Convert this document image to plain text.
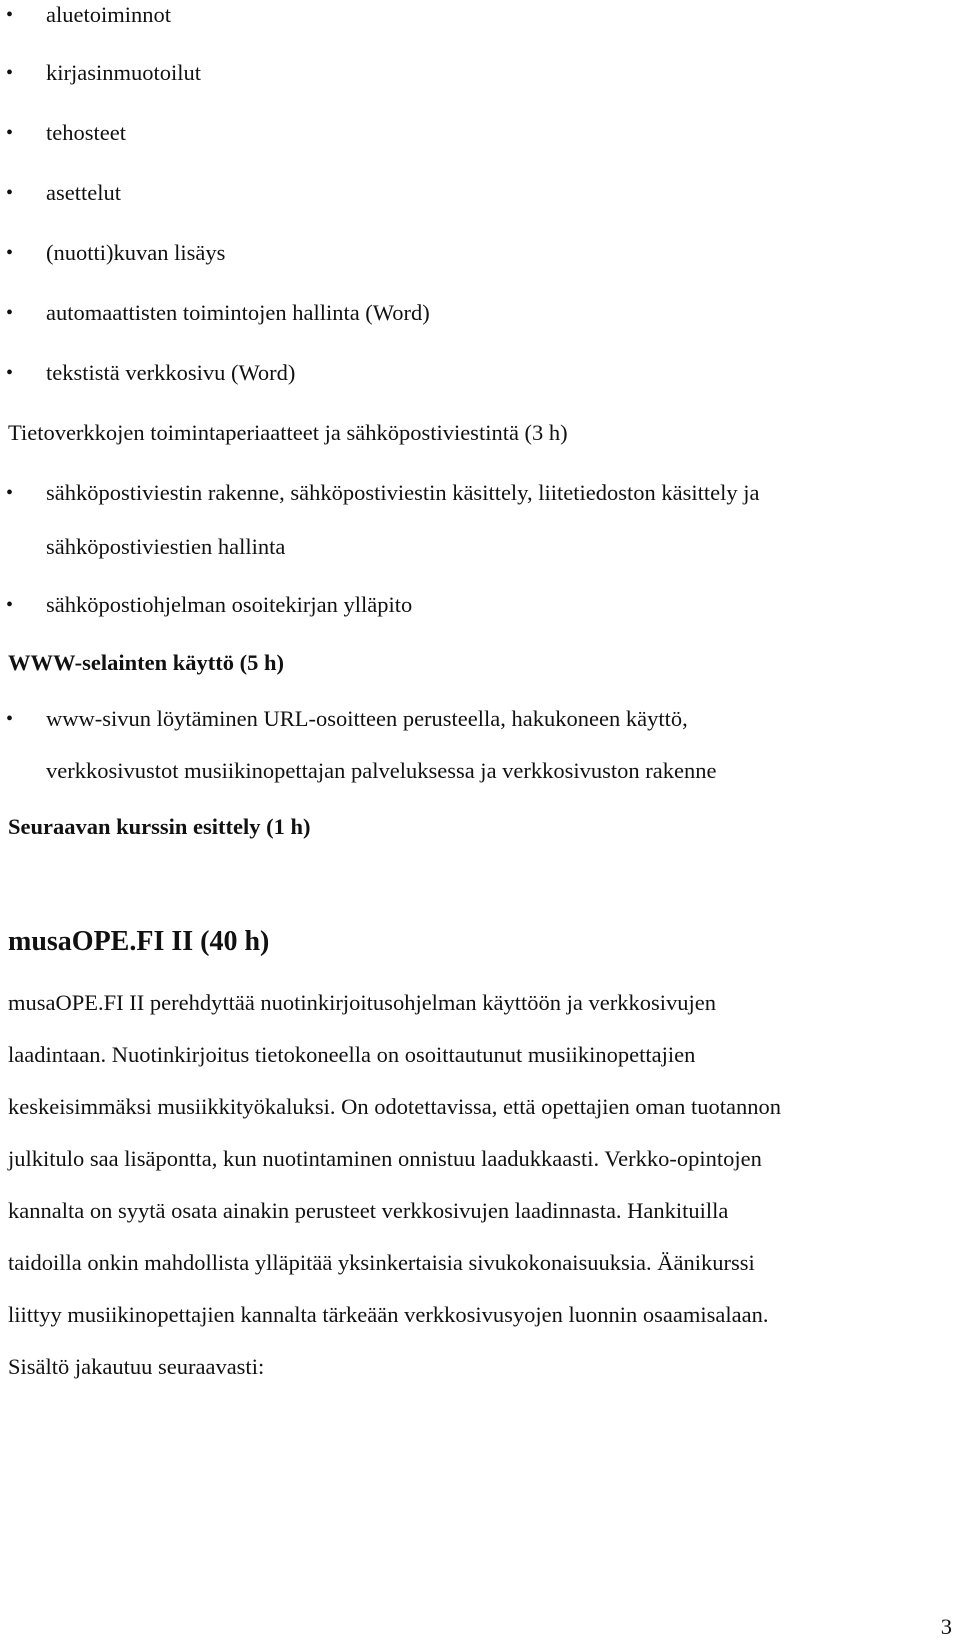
• aluetoiminnot
• kirjasinmuotoilut
• tehosteet
• asettelut
• (nuotti)kuvan lisäys
• automaattisten toimintojen hallinta (Word)
• tekstistä verkkosivu (Word)
Tietoverkkojen toimintaperiaatteet ja sähköpostiviestintä (3 h)
• sähköpostiviestin rakenne, sähköpostiviestin käsittely, liitetiedoston käsittely ja
sähköpostiviestien hallinta
• sähköpostiohjelman osoitekirjan ylläpito
WWW-selainten käyttö (5 h)
• www-sivun löytäminen URL-osoitteen perusteella, hakukoneen käyttö,
verkkosivustot musiikinopettajan palveluksessa ja verkkosivuston rakenne
Seuraavan kurssin esittely (1 h)
musaOPE.FI II (40 h)
musaOPE.FI II perehdyttää nuotinkirjoitusohjelman käyttöön ja verkkosivujen
laadintaan. Nuotinkirjoitus tietokoneella on osoittautunut musiikinopettajien
keskeisimmäksi musiikkityökaluksi. On odotettavissa, että opettajien oman tuotannon
julkitulo saa lisäpontta, kun nuotintaminen onnistuu laadukkaasti. Verkko-opintojen
kannalta on syytä osata ainakin perusteet verkkosivujen laadinnasta. Hankituilla
taidoilla onkin mahdollista ylläpitää yksinkertaisia sivukokonaisuuksia. Äänikurssi
liittyy musiikinopettajien kannalta tärkeään verkkosivusyojen luonnin osaamisalaan.
Sisältö jakautuu seuraavasti:
3
